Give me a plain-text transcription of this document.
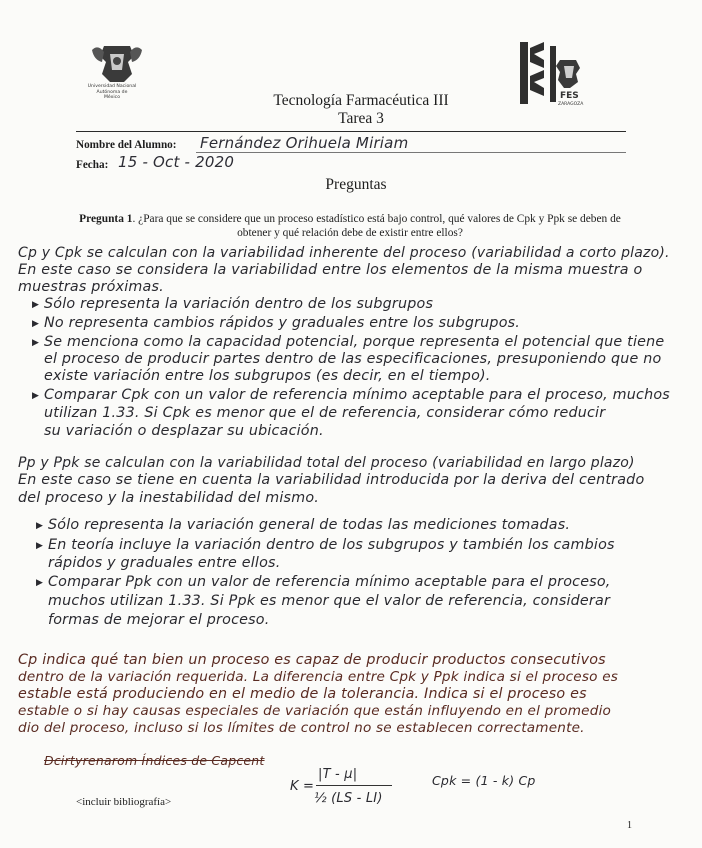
Universidad Nacional
Autónoma de
México	FES
ZARAGOZA
Tecnología Farmacéutica III
Tarea 3
Nombre del Alumno: Fernández Orihuela Miriam
Fecha: 15 - Oct - 2020
Preguntas
Pregunta 1. ¿Para que se considere que un proceso estadístico está bajo control, qué valores de Cpk y Ppk se deben de obtener y qué relación debe de existir entre ellos?
Cp y Cpk se calculan con la variabilidad inherente del proceso (variabilidad a corto plazo).
En este caso se considera la variabilidad entre los elementos de la misma muestra o
muestras próximas.
▶ Sólo representa la variación dentro de los subgrupos
▶ No representa cambios rápidos y graduales entre los subgrupos.
▶ Se menciona como la capacidad potencial, porque representa el potencial que tiene
el proceso de producir partes dentro de las especificaciones, presuponiendo que no
existe variación entre los subgrupos (es decir, en el tiempo).
▶ Comparar Cpk con un valor de referencia mínimo aceptable para el proceso, muchos
utilizan 1.33. Si Cpk es menor que el de referencia, considerar cómo reducir
su variación o desplazar su ubicación.
Pp y Ppk se calculan con la variabilidad total del proceso (variabilidad en largo plazo)
En este caso se tiene en cuenta la variabilidad introducida por la deriva del centrado
del proceso y la inestabilidad del mismo.
▶ Sólo representa la variación general de todas las mediciones tomadas.
▶ En teoría incluye la variación dentro de los subgrupos y también los cambios
rápidos y graduales entre ellos.
▶ Comparar Ppk con un valor de referencia mínimo aceptable para el proceso,
muchos utilizan 1.33. Si Ppk es menor que el valor de referencia, considerar
formas de mejorar el proceso.
Cp indica qué tan bien un proceso es capaz de producir productos consecutivos
dentro de la variación requerida. La diferencia entre Cpk y Ppk indica si el proceso es
estable está produciendo en el medio de la tolerancia. Indica si el proceso es
estable o si hay causas especiales de variación que están influyendo en el promedio
dio del proceso, incluso si los límites de control no se establecen correctamente.
Dcirtyrenarom Índices de Capcent
K =
|T - μ|
½ (LS - LI)
Cpk = (1 - k) Cp
<incluir bibliografía>
1
